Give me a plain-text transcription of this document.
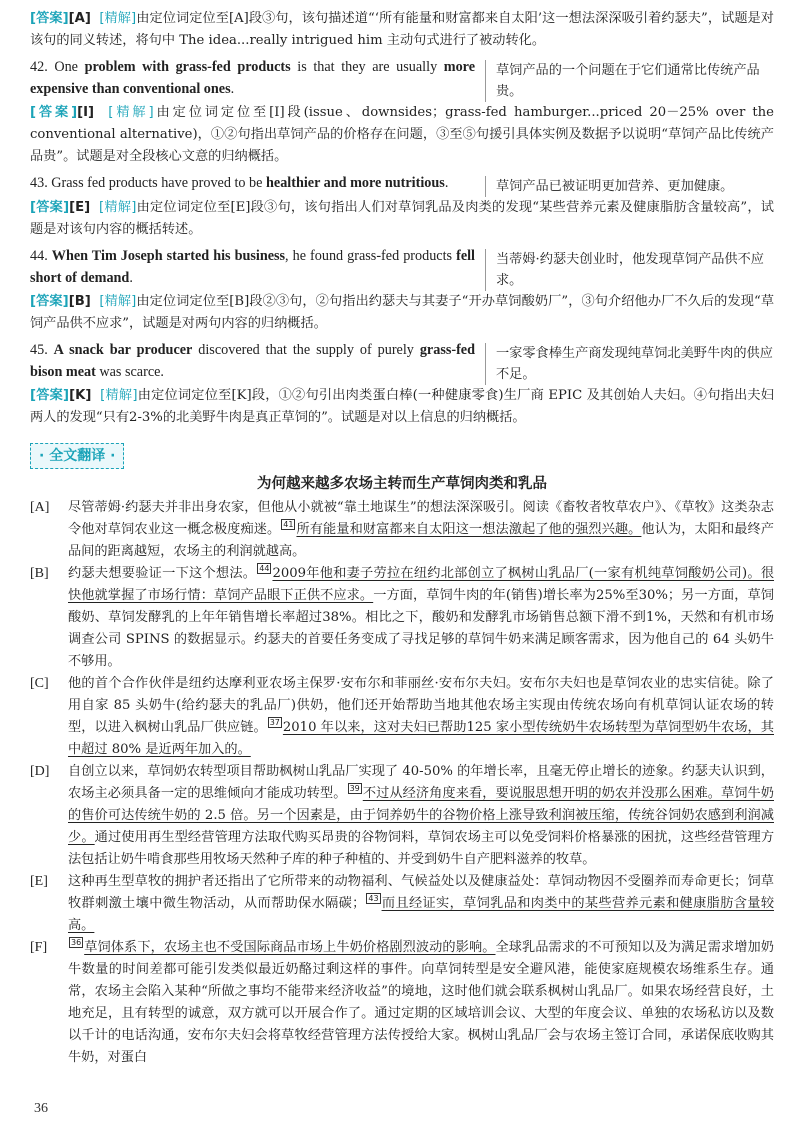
[答案][A] [精解]由定位词定位至[A]段③句，该句描述道“‘所有能量和财富都来自太阳’这一想法深深吸引着约瑟夫”，试题是对该句的同义转述，将句中 The idea...really intrigued him 主动句式进行了被动转化。

42. One problem with grass-fed products is that they are usually more expensive than conventional ones.
草饲产品的一个问题在于它们通常比传统产品贵。

[答案][I] [精解]由定位词定位至[I]段(issue、downsides；grass-fed hamburger...priced 20－25% over the conventional alternative)，①②句指出草饲产品的价格存在问题，③至⑤句援引具体实例及数据予以说明“草饲产品比传统产品贵”。试题是对全段核心文意的归纳概括。

43. Grass fed products have proved to be healthier and more nutritious.	草饲产品已被证明更加营养、更加健康。

[答案][E] [精解]由定位词定位至[E]段③句，该句指出人们对草饲乳品及肉类的发现“某些营养元素及健康脂肪含量较高”，试题是对该句内容的概括转述。

44. When Tim Joseph started his business, he found grass-fed products fell short of demand.
当蒂姆·约瑟夫创业时，他发现草饲产品供不应求。

[答案][B] [精解]由定位词定位至[B]段②③句，②句指出约瑟夫与其妻子“开办草饲酸奶厂”，③句介绍他办厂不久后的发现“草饲产品供不应求”，试题是对两句内容的归纳概括。

45. A snack bar producer discovered that the supply of purely grass-fed bison meat was scarce.
一家零食棒生产商发现纯草饲北美野牛肉的供应不足。

[答案][K] [精解]由定位词定位至[K]段，①②句引出肉类蛋白棒(一种健康零食)生厂商 EPIC 及其创始人夫妇。④句指出夫妇两人的发现“只有2-3%的北美野牛肉是真正草饲的”。试题是对以上信息的归纳概括。

· 全文翻译 ·
为何越来越多农场主转而生产草饲肉类和乳品
[A]	尽管蒂姆·约瑟夫并非出身农家，但他从小就被“靠土地谋生”的想法深深吸引。阅读《畜牧者牧草农户》、《草牧》这类杂志令他对草饲农业这一概念极度痴迷。 41 所有能量和财富都来自太阳这一想法激起了他的强烈兴趣。他认为，太阳和最终产品间的距离越短，农场主的利润就越高。
[B]	约瑟夫想要验证一下这个想法。 44 2009年他和妻子劳拉在纽约北部创立了枫树山乳品厂(一家有机纯草饲酸奶公司)。很快他就掌握了市场行情：草饲产品眼下正供不应求。一方面，草饲牛肉的年(销售)增长率为25%至30%；另一方面，草饲酸奶、草饲发酵乳的上年年销售增长率超过38%。相比之下，酸奶和发酵乳市场销售总额下滑不到1%，天然和有机市场调查公司 SPINS 的数据显示。约瑟夫的首要任务变成了寻找足够的草饲牛奶来满足顾客需求，因为他自己的 64 头奶牛不够用。
[C]	他的首个合作伙伴是纽约达摩利亚农场主保罗·安布尔和菲丽丝·安布尔夫妇。安布尔夫妇也是草饲农业的忠实信徒。除了用自家 85 头奶牛(给约瑟夫的乳品厂)供奶，他们还开始帮助当地其他农场主实现由传统农场向有机草饲认证农场的转型，以进入枫树山乳品厂供应链。 37 2010 年以来，这对夫妇已帮助125 家小型传统奶牛农场转型为草饲型奶牛农场，其中超过 80% 是近两年加入的。
[D]	自创立以来，草饲奶农转型项目帮助枫树山乳品厂实现了 40-50% 的年增长率，且毫无停止增长的迹象。约瑟夫认识到，农场主必须具备一定的思维倾向才能成功转型。 39 不过从经济角度来看，要说服思想开明的奶农并没那么困难。草饲牛奶的售价可达传统牛奶的 2.5 倍。另一个因素是，由于饲养奶牛的谷物价格上涨导致利润被压缩，传统谷饲奶农感到利润减少。通过使用再生型经营管理方法取代购买昂贵的谷物饲料，草饲农场主可以免受饲料价格暴涨的困扰，这些经营管理方法包括让奶牛啃食那些用牧场天然种子库的种子种植的、并受到奶牛自产肥料滋养的牧草。
[E]	这种再生型草牧的拥护者还指出了它所带来的动物福利、气候益处以及健康益处：草饲动物因不受圈养而寿命更长；饲草牧群刺激土壤中微生物活动，从而帮助保水隔碳； 43 而且经证实，草饲乳品和肉类中的某些营养元素和健康脂肪含量较高。
[F]	36 草饲体系下，农场主也不受国际商品市场上牛奶价格剧烈波动的影响。全球乳品需求的不可预知以及为满足需求增加奶牛数量的时间差都可能引发类似最近奶酪过剩这样的事件。向草饲转型是安全避风港，能使家庭规模农场维系生存。通常，农场主会陷入某种“所做之事均不能带来经济收益”的境地，这时他们就会联系枫树山乳品厂。如果农场经营良好，土地充足，且有转型的诚意，双方就可以开展合作了。通过定期的区域培训会议、大型的年度会议、单独的农场私访以及数以千计的电话沟通，安布尔夫妇会将草牧经营管理方法传授给大家。枫树山乳品厂会与农场主签订合同，承诺保底收购其牛奶，对蛋白
36
